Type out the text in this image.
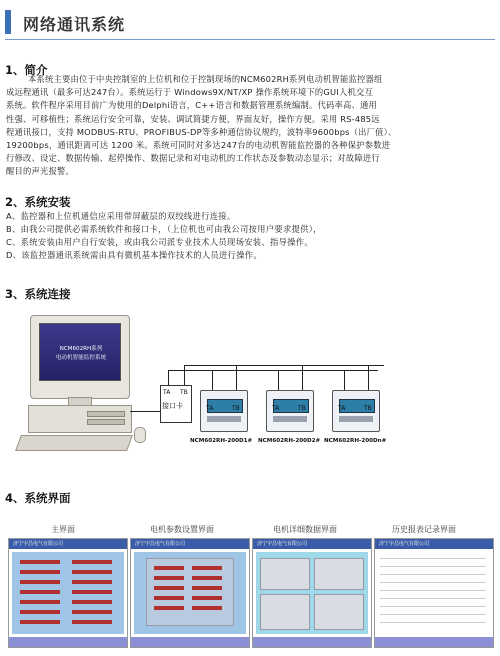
网络通讯系统
1、简介
本系统主要由位于中央控制室的上位机和位于控制现场的NCM602RH系列电动机智能监控器组
成远程通讯（最多可达247台）。系统运行于 Windows9X/NT/XP 操作系统环境下的GUI人机交互
系统。软件程序采用目前广为使用的Delphi语言，C++语言和数据管理系统编制。代码率高、通用
性强、可移植性；系统运行安全可靠，安装、调试简捷方便，界面友好，操作方便。采用 RS-485远
程通讯接口，支持 MODBUS-RTU、PROFIBUS-DP等多种通信协议规约，波特率9600bps（出厂值）、
19200bps，通讯距离可达 1200 米。系统可同时对多达247台的电动机智能监控器的各种保护参数进
行修改、设定、数据传输、起停操作、数据记录和对电动机的工作状态及参数动态显示；对故障进行
醒目的声光报警。
2、系统安装
A、监控器和上位机通信应采用带屏蔽层的双绞线进行连接。
B、由我公司提供必需系统软件和接口卡，（上位机也可由我公司按用户要求提供），
C、系统安装由用户自行安装，或由我公司派专业技术人员现场安装、指导操作。
D、该监控器通讯系统需由具有微机基本操作技术的人员进行操作。
3、系统连接
NCM602RH系列
电动机智能监控系统
TA TB
接口卡	TA	TB	TA	TB	TA	TB
NCM602RH-200D1# NCM602RH-200D2# NCM602RH-200Dn#
4、系统界面
主界面	电机参数设置界面	电机详细数据界面	历史报表记录界面
济宁宇昌电气有限公司	济宁宇昌电气有限公司	济宁宇昌电气有限公司	济宁宇昌电气有限公司
